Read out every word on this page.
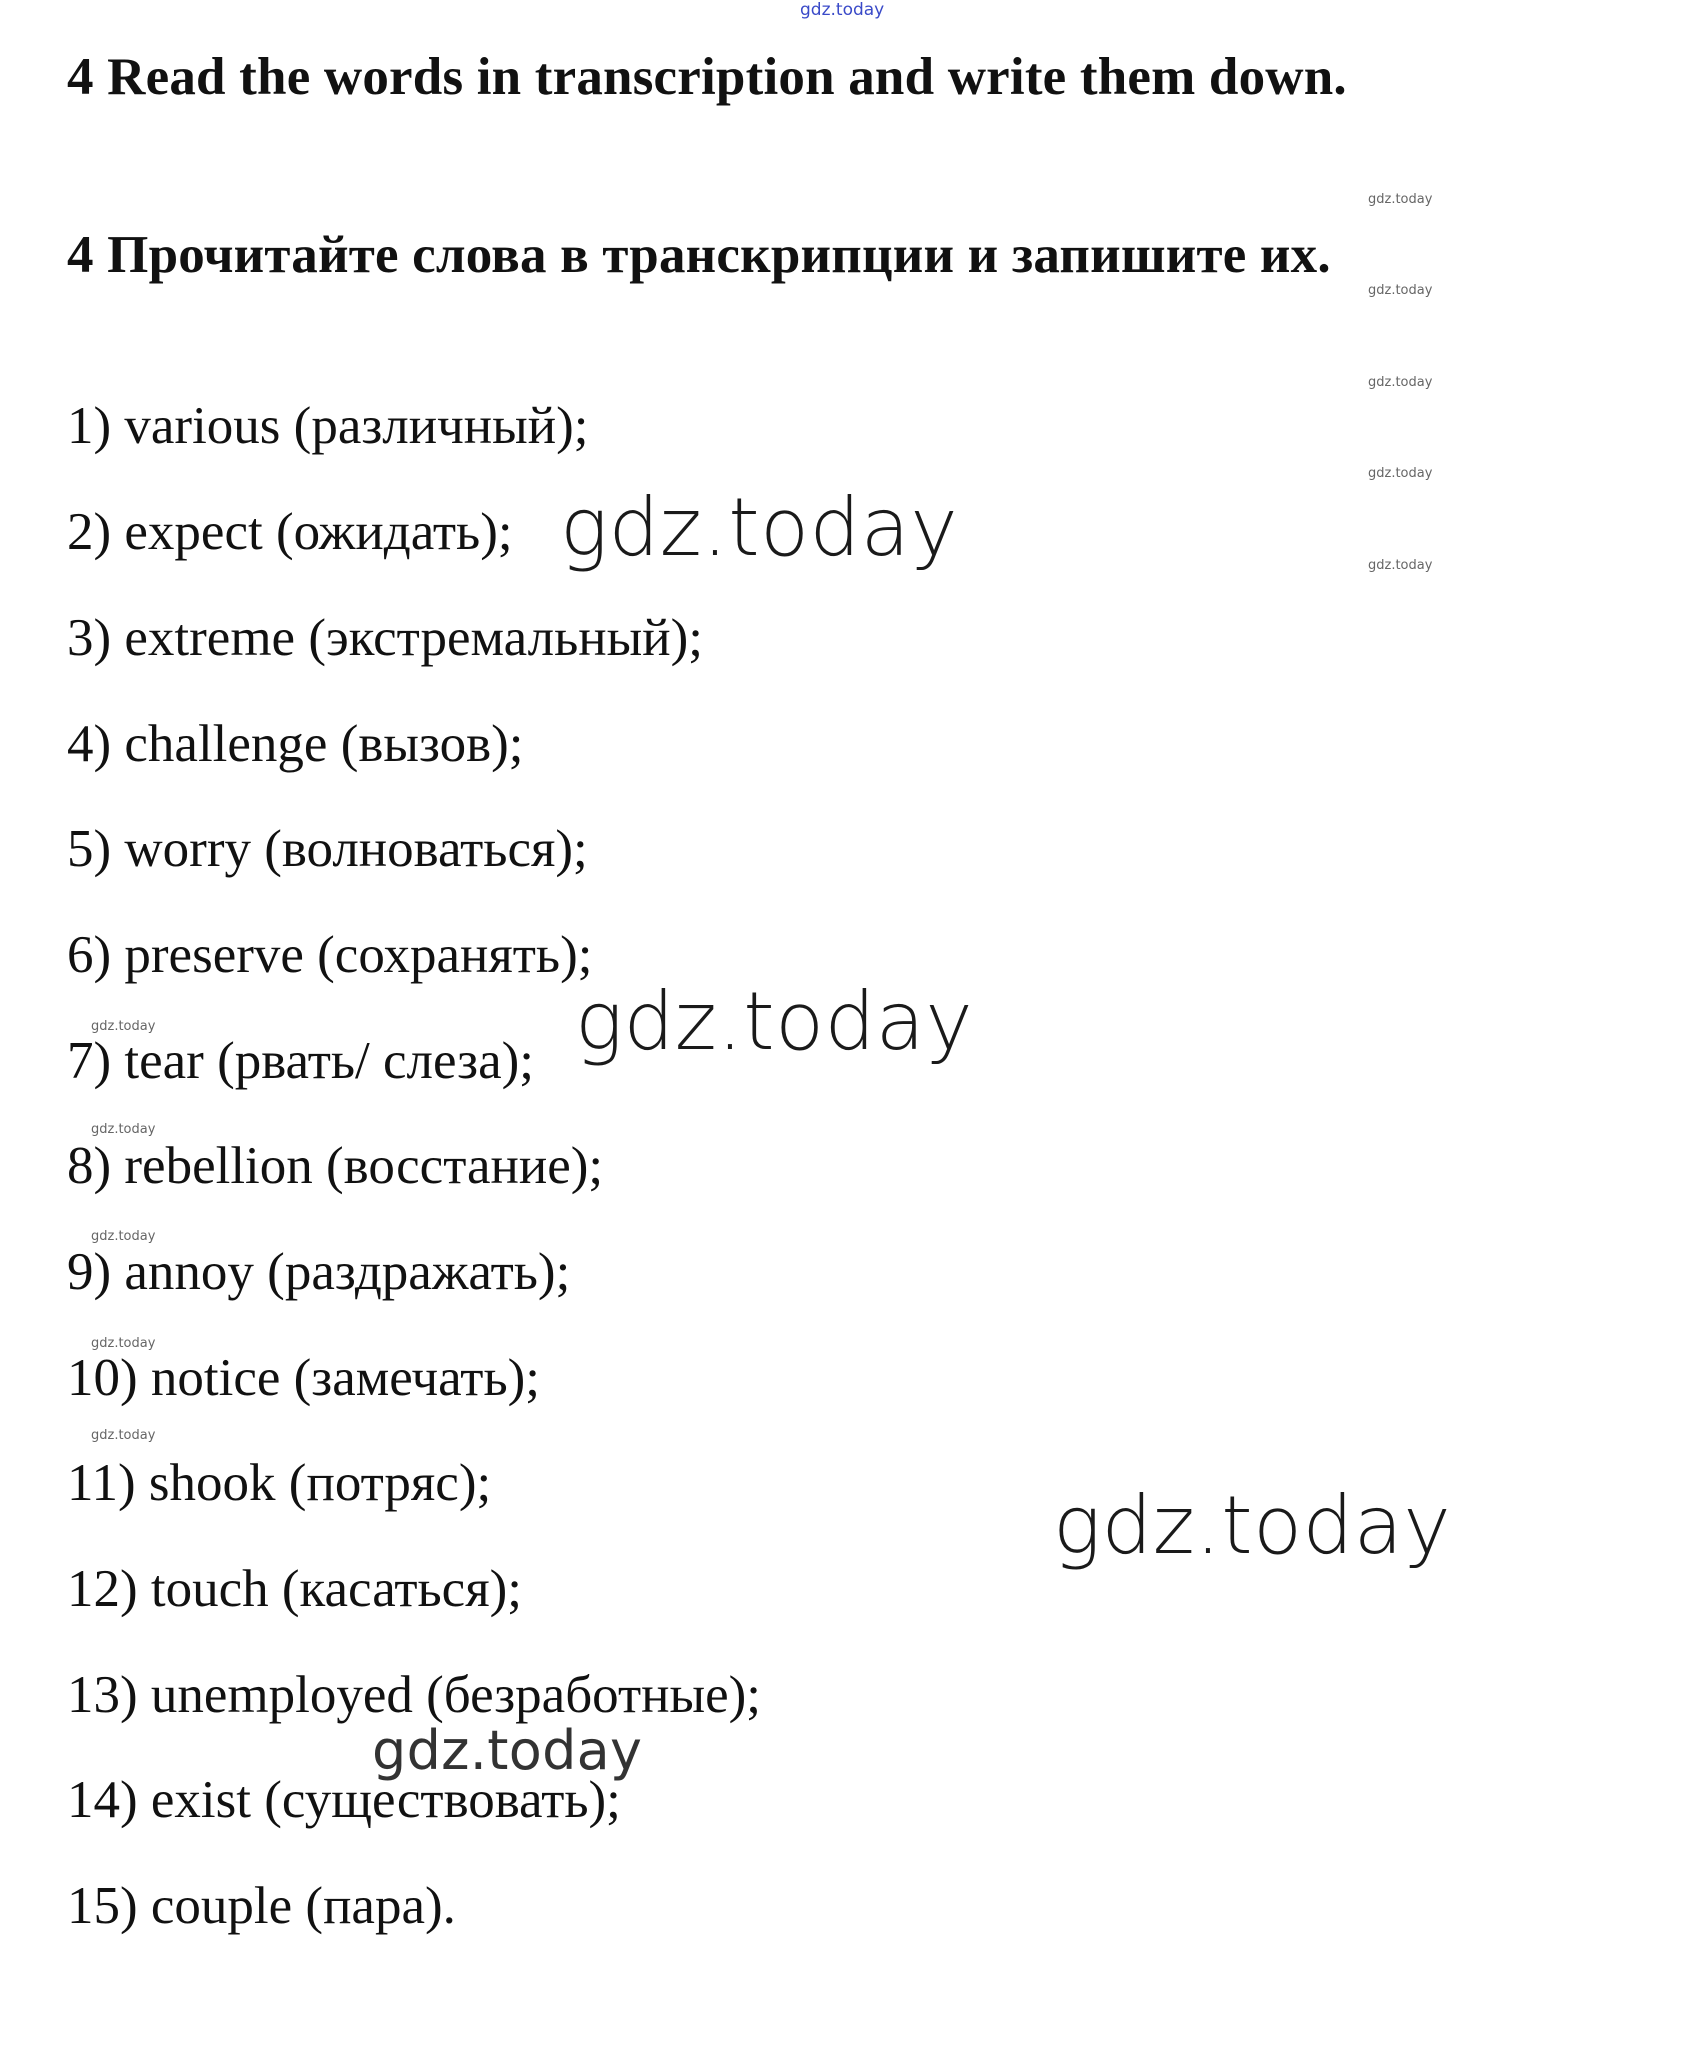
gdz.today
4 Read the words in transcription and write them down.
4 Прочитайте слова в транскрипции и запишите их.
gdz.today
gdz.today
gdz.today
gdz.today
gdz.today
gdz.today
gdz.today
gdz.today
gdz.today
gdz.today

1) various (различный);

2) expect (ожидать);

3) extreme (экстремальный);

4) challenge (вызов);

5) worry (волноваться);

6) preserve (сохранять);

7) tear (рвать/ слеза);

8) rebellion (восстание);

9) annoy (раздражать);

10) notice (замечать);

11) shook (потряс);

12) touch (касаться);

13) unemployed (безработные);

14) exist (существовать);

15) couple (пара).

gdz.today
gdz.today
gdz.today
gdz.today
